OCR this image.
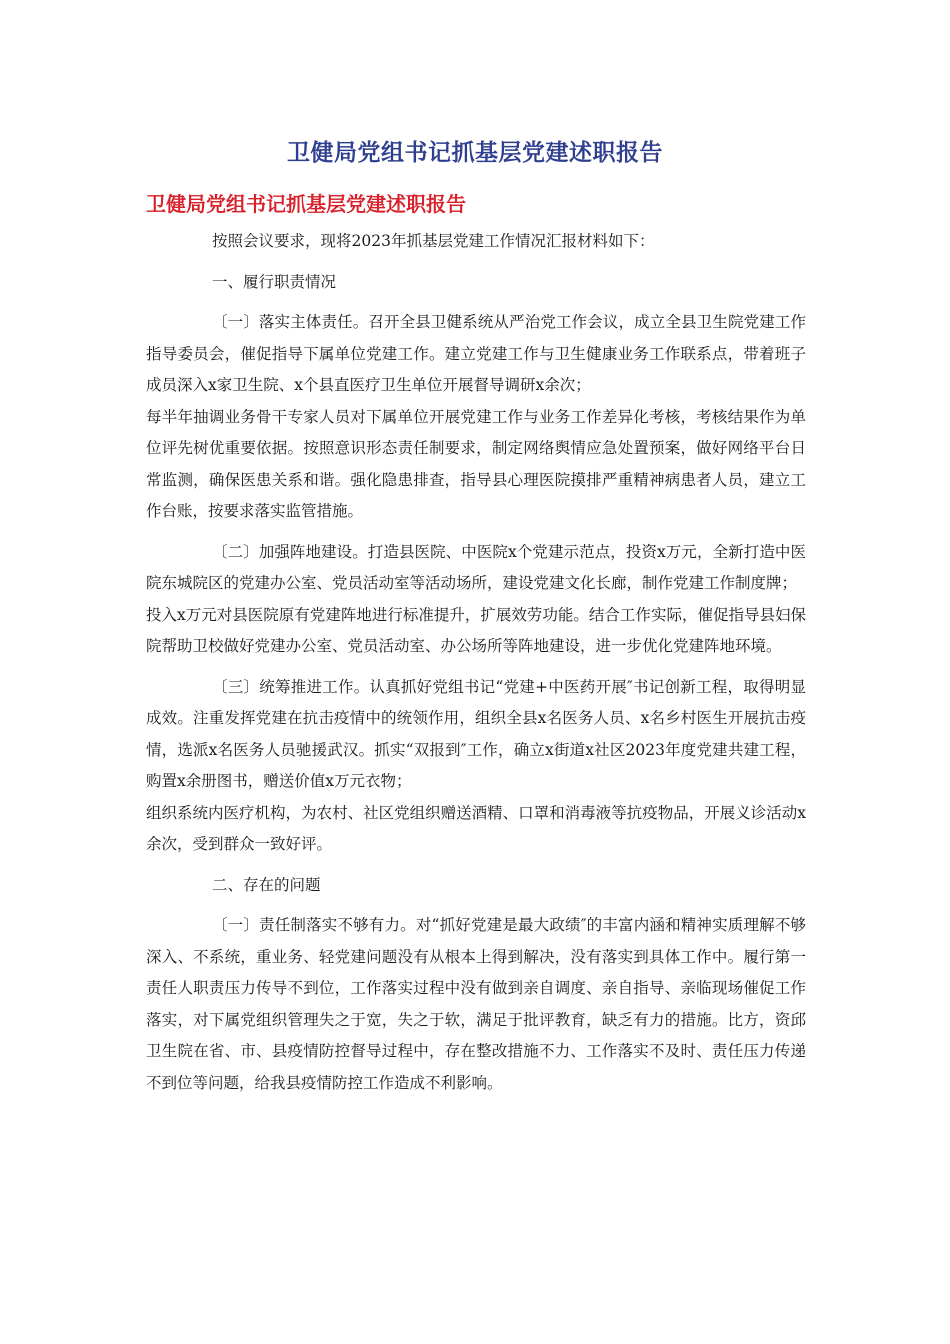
卫健局党组书记抓基层党建述职报告
卫健局党组书记抓基层党建述职报告

按照会议要求，现将2023年抓基层党建工作情况汇报材料如下：

一、履行职责情况

〔一〕落实主体责任。召开全县卫健系统从严治党工作会议，成立全县卫生院党建工作指导委员会，催促指导下属单位党建工作。建立党建工作与卫生健康业务工作联系点，带着班子成员深入x家卫生院、x个县直医疗卫生单位开展督导调研x余次；

每半年抽调业务骨干专家人员对下属单位开展党建工作与业务工作差异化考核，考核结果作为单位评先树优重要依据。按照意识形态责任制要求，制定网络舆情应急处置预案，做好网络平台日常监测，确保医患关系和谐。强化隐患排查，指导县心理医院摸排严重精神病患者人员，建立工作台账，按要求落实监管措施。

〔二〕加强阵地建设。打造县医院、中医院x个党建示范点，投资x万元，全新打造中医院东城院区的党建办公室、党员活动室等活动场所，建设党建文化长廊，制作党建工作制度牌；

投入x万元对县医院原有党建阵地进行标准提升，扩展效劳功能。结合工作实际，催促指导县妇保院帮助卫校做好党建办公室、党员活动室、办公场所等阵地建设，进一步优化党建阵地环境。

〔三〕统筹推进工作。认真抓好党组书记“党建+中医药开展″书记创新工程，取得明显成效。注重发挥党建在抗击疫情中的统领作用，组织全县x名医务人员、x名乡村医生开展抗击疫情，选派x名医务人员驰援武汉。抓实“双报到″工作，确立x街道x社区2023年度党建共建工程，购置x余册图书，赠送价值x万元衣物；

组织系统内医疗机构，为农村、社区党组织赠送酒精、口罩和消毒液等抗疫物品，开展义诊活动x余次，受到群众一致好评。

二、存在的问题

〔一〕责任制落实不够有力。对“抓好党建是最大政绩″的丰富内涵和精神实质理解不够深入、不系统，重业务、轻党建问题没有从根本上得到解决，没有落实到具体工作中。履行第一责任人职责压力传导不到位，工作落实过程中没有做到亲自调度、亲自指导、亲临现场催促工作落实，对下属党组织管理失之于宽，失之于软，满足于批评教育，缺乏有力的措施。比方，资邱卫生院在省、市、县疫情防控督导过程中，存在整改措施不力、工作落实不及时、责任压力传递不到位等问题，给我县疫情防控工作造成不利影响。
